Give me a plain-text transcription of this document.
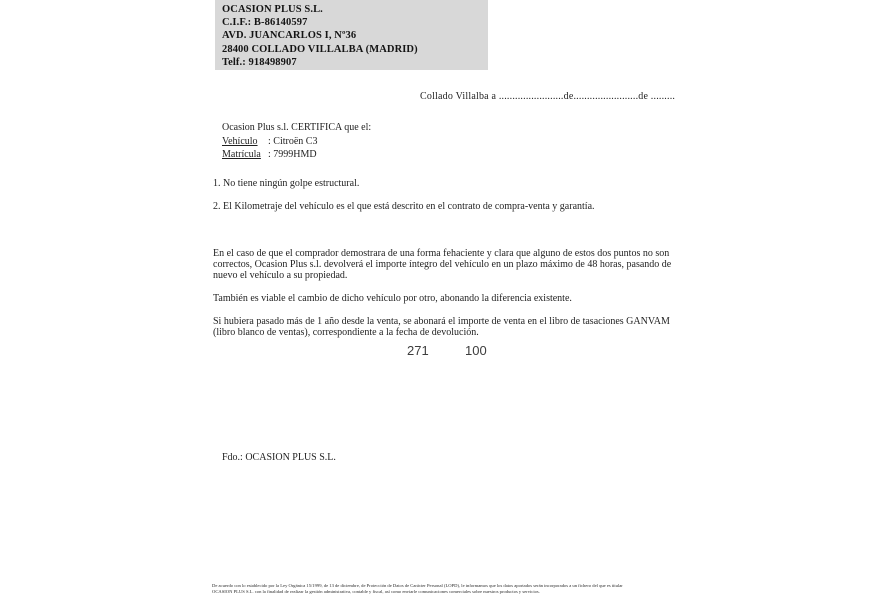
OCASION PLUS S.L.
C.I.F.: B-86140597
AVD. JUANCARLOS I, Nº36
28400 COLLADO VILLALBA (MADRID)
Telf.: 918498907
Collado Villalba a ........................de........................de .........
Ocasion Plus s.l. CERTIFICA que el:
Vehículo : Citroën C3
Matrícula : 7999HMD

1. No tiene ningún golpe estructural.

2. El Kilometraje del vehículo es el que está descrito en el contrato de compra-venta y garantía.

En el caso de que el comprador demostrara de una forma fehaciente y clara que alguno de estos dos puntos no son correctos, Ocasion Plus s.l. devolverá el importe íntegro del vehículo en un plazo máximo de 48 horas, pasando de nuevo el vehículo a su propiedad.

También es viable el cambio de dicho vehículo por otro, abonando la diferencia existente.

Si hubiera pasado más de 1 año desde la venta, se abonará el importe de venta en el libro de tasaciones GANVAM (libro blanco de ventas), correspondiente a la fecha de devolución.

Fdo.: OCASION PLUS S.L.
De acuerdo con lo establecido por la Ley Orgánica 15/1999, de 13 de diciembre, de Protección de Datos de Carácter Personal (LOPD), le informamos que los datos aportados serán incorporados a un fichero del que es titular
OCASION PLUS S.L. con la finalidad de realizar la gestión administrativa, contable y fiscal, así como enviarle comunicaciones comerciales sobre nuestros productos y servicios.
271	100
